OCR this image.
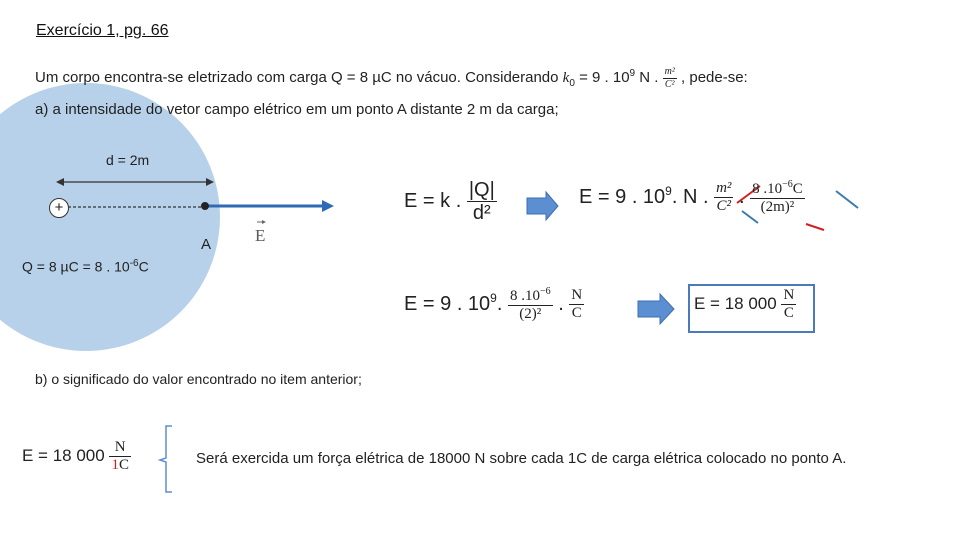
Exercício 1, pg. 66
Um corpo encontra-se eletrizado com carga Q = 8 µC no vácuo. Considerando $k_0 = 9$ . $10^9$ N . $\frac{\text{m²}}{\text{C²}}$ , pede-se:
a) a intensidade do vetor campo elétrico em um ponto A distante 2 m da carga;
+
d = 2m
A	E
Q = 8 µC = 8 . $10^{-6}C$
E = k . $\frac{|Q|}{\text{d²}}$	E = 9 . $10^9$. N . $\frac{\text{m²}}{\text{C²}}$ . $\frac{8 .10^{-6}C}{\text{(2m)²}}$
E = 9 . $10^9$. $\frac{8 .10^{-6}}{\text{(2)²}}$ . $\frac{N}{C}$	E = 18 $000 \frac{N}{C}$
b) o significado do valor encontrado no item anterior;
E = 18 $000 \frac{N}{1C}$	Será exercida um força elétrica de 18000 N sobre cada 1C de carga elétrica colocado no ponto A.
